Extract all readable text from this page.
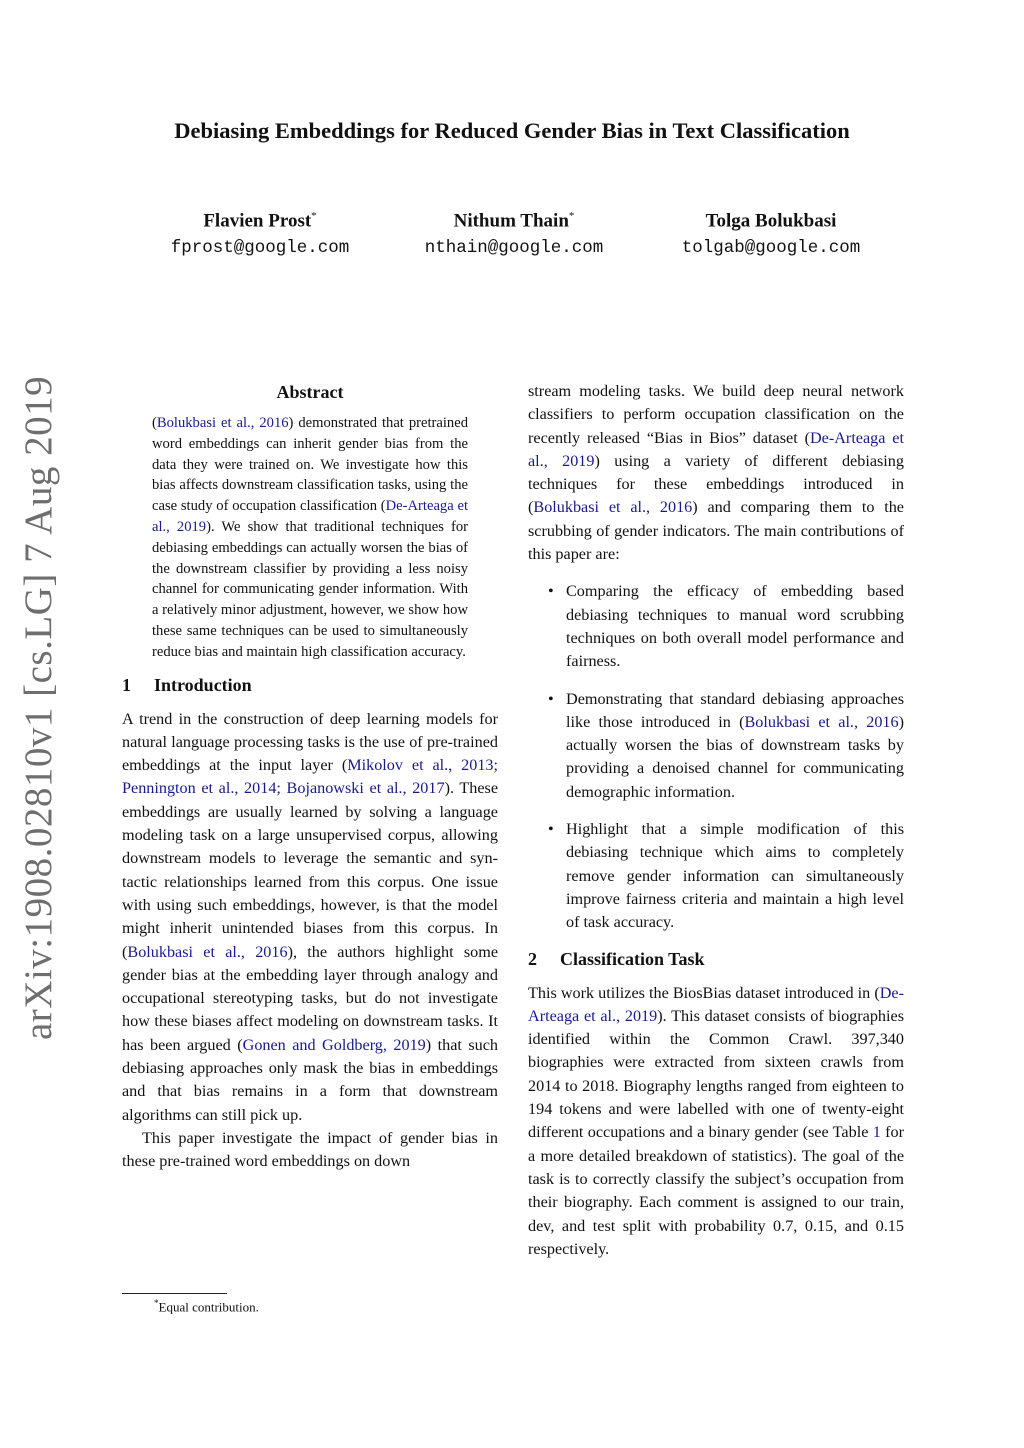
arXiv:1908.02810v1 [cs.LG] 7 Aug 2019
Debiasing Embeddings for Reduced Gender Bias in Text Classification
Flavien Prost*
fprost@google.com
Nithum Thain*
nthain@google.com
Tolga Bolukbasi
tolgab@google.com
Abstract
(Bolukbasi et al., 2016) demonstrated that pretrained word embeddings can inherit gender bias from the data they were trained on. We investigate how this bias affects downstream classification tasks, using the case study of occupation classification (De-Arteaga et al., 2019). We show that traditional techniques for debiasing embeddings can actually worsen the bias of the downstream classifier by providing a less noisy channel for communicating gender information. With a relatively minor adjustment, however, we show how these same techniques can be used to simultaneously reduce bias and maintain high classification accuracy.
1 Introduction

A trend in the construction of deep learning models for natural language processing tasks is the use of pre-trained embeddings at the input layer (Mikolov et al., 2013; Pennington et al., 2014; Bojanowski et al., 2017). These embeddings are usually learned by solving a language modeling task on a large unsupervised corpus, allowing downstream models to leverage the semantic and syntactic relationships learned from this corpus. One issue with using such embeddings, however, is that the model might inherit unintended biases from this corpus. In (Bolukbasi et al., 2016), the authors highlight some gender bias at the embedding layer through analogy and occupational stereotyping tasks, but do not investigate how these biases affect modeling on downstream tasks. It has been argued (Gonen and Goldberg, 2019) that such debiasing approaches only mask the bias in embeddings and that bias remains in a form that downstream algorithms can still pick up.

This paper investigate the impact of gender bias in these pre-trained word embeddings on down

stream modeling tasks. We build deep neural network classifiers to perform occupation classification on the recently released “Bias in Bios” dataset (De-Arteaga et al., 2019) using a variety of different debiasing techniques for these embeddings introduced in (Bolukbasi et al., 2016) and comparing them to the scrubbing of gender indicators. The main contributions of this paper are:

• Comparing the efficacy of embedding based debiasing techniques to manual word scrubbing techniques on both overall model performance and fairness.
• Demonstrating that standard debiasing approaches like those introduced in (Bolukbasi et al., 2016) actually worsen the bias of downstream tasks by providing a denoised channel for communicating demographic information.
• Highlight that a simple modification of this debiasing technique which aims to completely remove gender information can simultaneously improve fairness criteria and maintain a high level of task accuracy.
2 Classification Task

This work utilizes the BiosBias dataset introduced in (De-Arteaga et al., 2019). This dataset consists of biographies identified within the Common Crawl. 397,340 biographies were extracted from sixteen crawls from 2014 to 2018. Biography lengths ranged from eighteen to 194 tokens and were labelled with one of twenty-eight different occupations and a binary gender (see Table 1 for a more detailed breakdown of statistics). The goal of the task is to correctly classify the subject’s occupation from their biography. Each comment is assigned to our train, dev, and test split with probability 0.7, 0.15, and 0.15 respectively.

*Equal contribution.
